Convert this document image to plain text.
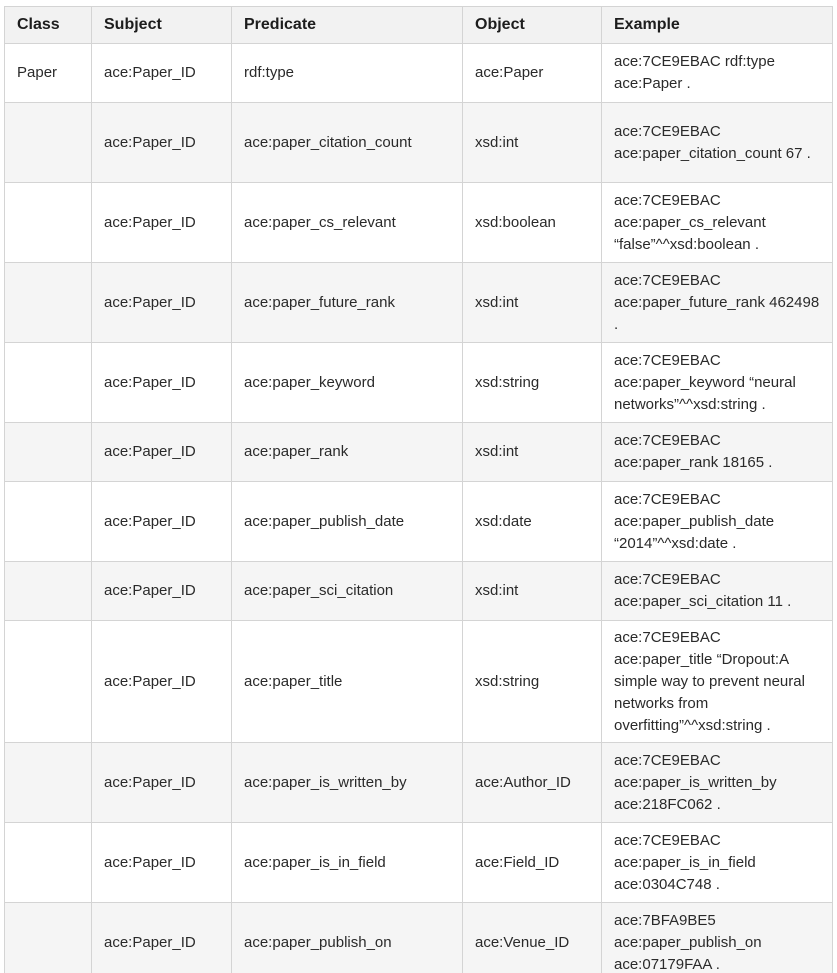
Class	Subject	Predicate	Object	Example
Paper	ace:Paper_ID	rdf:type	ace:Paper	ace:7CE9EBAC rdf:type ace:Paper .
	ace:Paper_ID	ace:paper_citation_count	xsd:int	ace:7CE9EBAC ace:paper_citation_count 67 .
	ace:Paper_ID	ace:paper_cs_relevant	xsd:boolean	ace:7CE9EBAC ace:paper_cs_relevant “false”^^xsd:boolean .
	ace:Paper_ID	ace:paper_future_rank	xsd:int	ace:7CE9EBAC ace:paper_future_rank 462498 .
	ace:Paper_ID	ace:paper_keyword	xsd:string	ace:7CE9EBAC ace:paper_keyword “neural networks”^^xsd:string .
	ace:Paper_ID	ace:paper_rank	xsd:int	ace:7CE9EBAC ace:paper_rank 18165 .
	ace:Paper_ID	ace:paper_publish_date	xsd:date	ace:7CE9EBAC ace:paper_publish_date “2014”^^xsd:date .
	ace:Paper_ID	ace:paper_sci_citation	xsd:int	ace:7CE9EBAC ace:paper_sci_citation 11 .
	ace:Paper_ID	ace:paper_title	xsd:string	ace:7CE9EBAC ace:paper_title “Dropout:A simple way to prevent neural networks from overfitting”^^xsd:string .
	ace:Paper_ID	ace:paper_is_written_by	ace:Author_ID	ace:7CE9EBAC ace:paper_is_written_by ace:218FC062 .
	ace:Paper_ID	ace:paper_is_in_field	ace:Field_ID	ace:7CE9EBAC ace:paper_is_in_field ace:0304C748 .
	ace:Paper_ID	ace:paper_publish_on	ace:Venue_ID	ace:7BFA9BE5 ace:paper_publish_on ace:07179FAA .
